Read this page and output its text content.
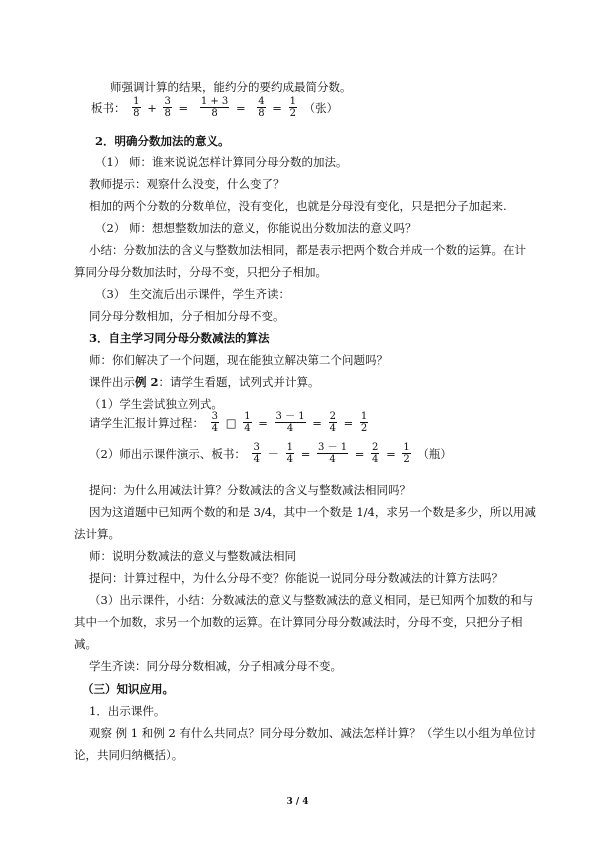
师强调计算的结果，能约分的要约成最简分数。
板书： $\frac{1}{8} + \frac{3}{8} = \frac{1 + 3}{8} = \frac{4}{8} = \frac{1}{2}$ （张）
2．明确分数加法的意义。
（1） 师：谁来说说怎样计算同分母分数的加法。
教师提示：观察什么没变，什么变了？
相加的两个分数的分数单位，没有变化，也就是分母没有变化，只是把分子加起来.
（2） 师：想想整数加法的意义，你能说出分数加法的意义吗？
小结：分数加法的含义与整数加法相同，都是表示把两个数合并成一个数的运算。在计
算同分母分数加法时，分母不变，只把分子相加。
（3） 生交流后出示课件，学生齐读：
同分母分数相加，分子相加分母不变。
3．自主学习同分母分数减法的算法
师：你们解决了一个问题，现在能独立解决第二个问题吗？
课件出示例 2：请学生看题，试列式并计算。
（1）学生尝试独立列式。
请学生汇报计算过程： $\frac{3}{4}$ □ $\frac{1}{4} = \frac{3 - 1}{4} = \frac{2}{4} = \frac{1}{2}$
（2）师出示课件演示、板书： $\frac{3}{4} - \frac{1}{4} = \frac{3 - 1}{4} = \frac{2}{4} = \frac{1}{2}$ （瓶）
提问：为什么用减法计算？分数减法的含义与整数减法相同吗？
因为这道题中已知两个数的和是 3/4，其中一个数是 1/4，求另一个数是多少，所以用减
法计算。
师：说明分数减法的意义与整数减法相同
提问：计算过程中，为什么分母不变？你能说一说同分母分数减法的计算方法吗？
（3）出示课件，小结：分数减法的意义与整数减法的意义相同，是已知两个加数的和与
其中一个加数，求另一个加数的运算。在计算同分母分数减法时，分母不变，只把分子相
减。
学生齐读：同分母分数相减，分子相减分母不变。
（三）知识应用。
1．出示课件。
观察 例 1 和例 2 有什么共同点？同分母分数加、减法怎样计算？（学生以小组为单位讨
论，共同归纳概括）。
3 / 4
